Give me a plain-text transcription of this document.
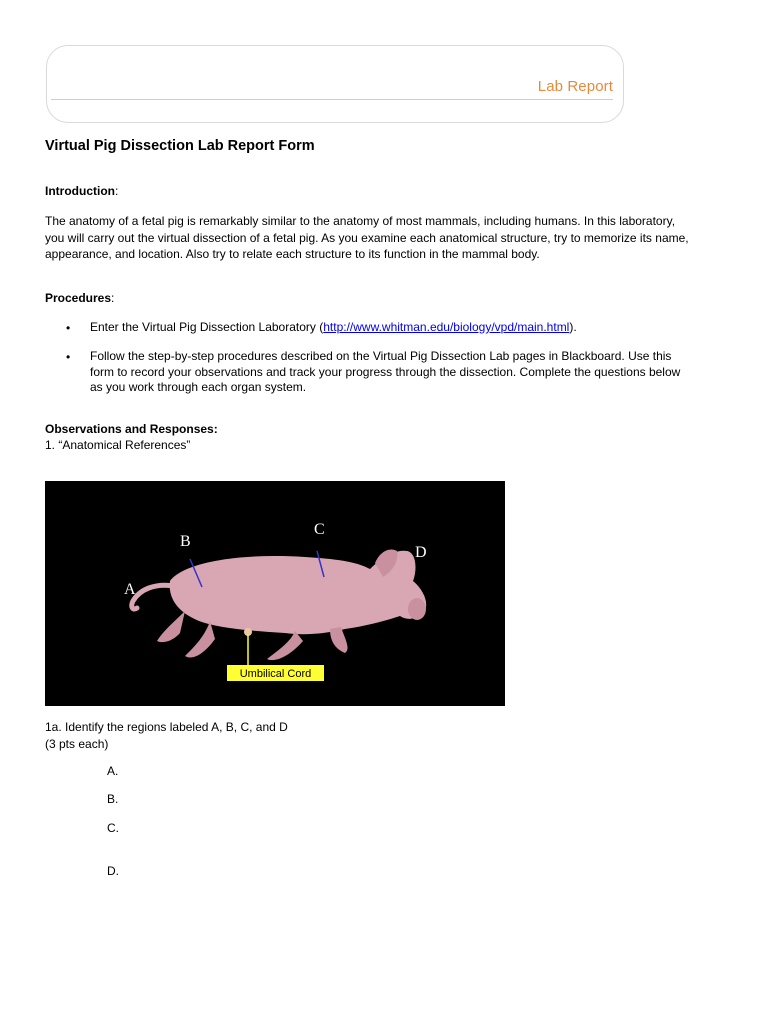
Lab Report
Virtual Pig Dissection Lab Report Form
Introduction:
The anatomy of a fetal pig is remarkably similar to the anatomy of most mammals, including humans. In this laboratory,
you will carry out the virtual dissection of a fetal pig. As you examine each anatomical structure, try to memorize its name,
appearance, and location. Also try to relate each structure to its function in the mammal body.
Procedures:
• Enter the Virtual Pig Dissection Laboratory (http://www.whitman.edu/biology/vpd/main.html).
• Follow the step-by-step procedures described on the Virtual Pig Dissection Lab pages in Blackboard. Use this
form to record your observations and track your progress through the dissection. Complete the questions below
as you work through each organ system.
Observations and Responses:
1. “Anatomical References”
A
B
C
D
Umbilical Cord
1a. Identify the regions labeled A, B, C, and D
(3 pts each)
A.
B.
C.
D.
